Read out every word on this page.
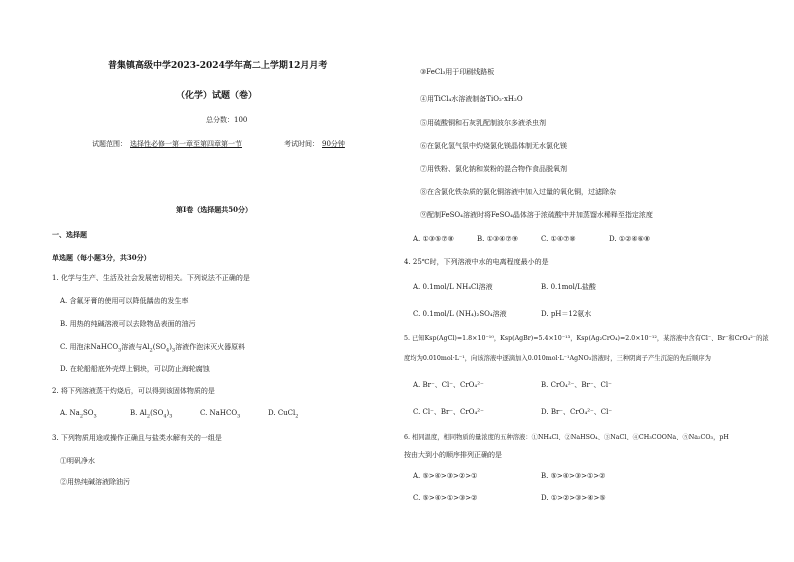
普集镇高级中学2023-2024学年高二上学期12月月考
（化学）试题（卷）
总分数：100
试题范围： 选择性必修一第一章至第四章第一节	考试时间： 90分钟
第Ⅰ卷（选择题共50分）
一、选择题
单选题（每小题3分，共30分）
1. 化学与生产、生活及社会发展密切相关。下列说法不正确的是
A. 含氟牙膏的使用可以降低龋齿的发生率
B. 用热的纯碱溶液可以去除物品表面的油污
C. 用泡沫NaHCO$_3$溶液与$Al_2(SO_4)_3$溶液作泡沫灭火器原料
D. 在轮船船底外壳焊上铜块，可以防止海轮腐蚀
2. 将下列溶液蒸干灼烧后，可以得到该固体物质的是
A. $Na_2SO_3$	B. $Al_2(SO_4)_3$	C. NaHCO$_3$	D. CuCl$_2$
3. 下列物质用途或操作正确且与盐类水解有关的一组是
①明矾净水
②用热纯碱溶液除油污
③FeCl₃用于印刷线路板
④用TiCl₄水溶液制备TiO₂·xH₂O
⑤用硫酸铜和石灰乳配制波尔多液杀虫剂
⑥在氯化氢气氛中灼烧氯化镁晶体制无水氯化镁
⑦用铁粉、氯化钠和炭粉的混合物作食品脱氧剂
⑧在含氯化铁杂质的氯化铜溶液中加入过量的氧化铜，过滤除杂
⑨配制FeSO₄溶液时将FeSO₄晶体溶于浓硫酸中并加蒸馏水稀释至指定浓度
A. ①③⑤⑦⑧	B. ①③④⑦⑨	C. ①④⑦⑧	D. ①②④⑥⑧
4. 25℃时，下列溶液中水的电离程度最小的是
A. 0.1mol/L NH₄Cl溶液	B. 0.1mol/L盐酸
C. 0.1mol/L (NH₄)₂SO₄溶液	D. pH＝12氨水
5. 已知Ksp(AgCl)=1.8×10⁻¹⁰，Ksp(AgBr)=5.4×10⁻¹³，Ksp(Ag₂CrO₄)=2.0×10⁻¹²，某溶液中含有Cl⁻、Br⁻和CrO₄²⁻的浓
度均为0.010mol·L⁻¹，向该溶液中逐滴加入0.010mol·L⁻¹AgNO₃溶液时，三种阴离子产生沉淀的先后顺序为
A. Br⁻、Cl⁻、CrO₄²⁻	B. CrO₄²⁻、Br⁻、Cl⁻
C. Cl⁻、Br⁻、CrO₄²⁻	D. Br⁻、CrO₄²⁻、Cl⁻
6. 相同温度，相同物质的量浓度的五种溶液：①NH₄Cl、②NaHSO₄、③NaCl、④CH₃COONa、⑤Na₂CO₃，pH
按由大到小的顺序排列正确的是
A. ⑤>④>③>②>①	B. ⑤>④>③>①>②
C. ⑤>④>①>③>②	D. ①>②>③>④>⑤
